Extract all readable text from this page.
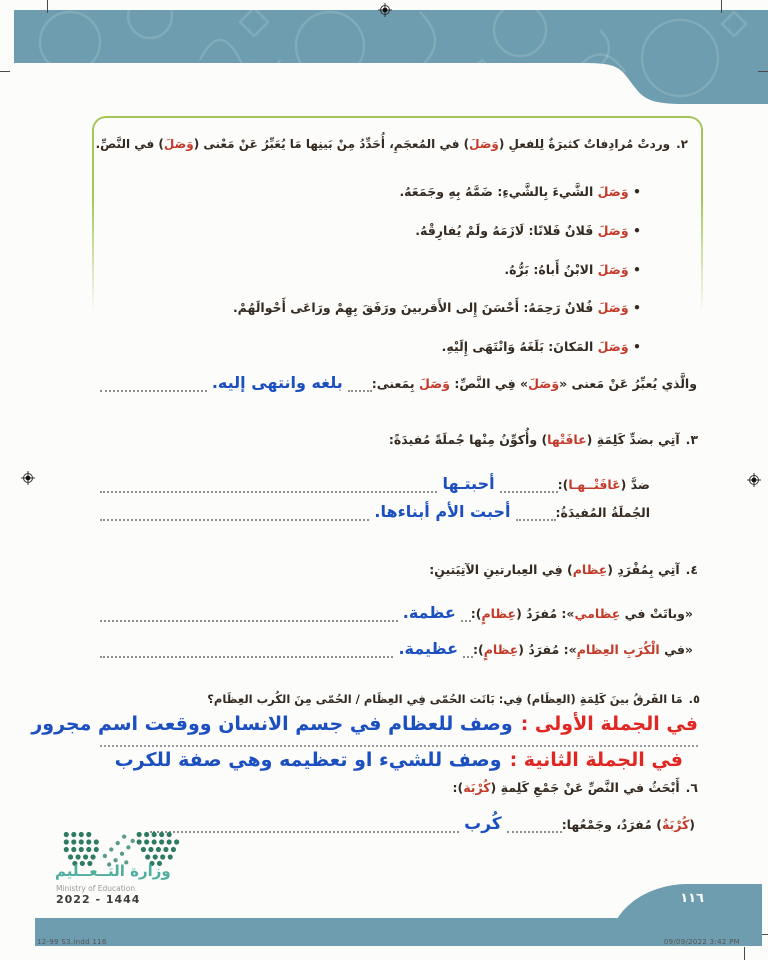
٢.وردتْ مُرادِفاتٌ كثيرَةٌ لِلفعلِ (وَصَلَ) في المُعجَمِ، أُحَدِّدُ مِنْ بَينِها مَا يُعَبِّرُ عَنْ مَعْنى (وَصَلَ) في النَّصِّ.
• وَصَلَ الشَّيءَ بِالشَّيءِ: ضَمَّهُ بِهِ وجَمَعَهُ.
• وَصَلَ فَلانٌ فَلانًا: لَازَمَهُ ولَمْ يُفارِقْهُ.
• وَصَلَ الابْنُ أَباهُ: بَرُّهُ.
• وَصَلَ فُلانٌ رَحِمَهُ: أَحْسَنَ إِلى الأَقربينَ ورَفَقَ بِهِمْ ورَاعَى أَحْوالَهُمْ.
• وَصَلَ المَكانَ: بَلَغَهُ وَانْتَهَى إِلَيْهِ.
والَّذي يُعبِّرُ عَنْ مَعنى «وَصَلَ» فِي النَّصِّ: وَصَلَ بِمَعنى:
بلغه وانتهى إليه.
٣.آتِي بضدِّ كَلِمَةِ (عافَتْها) وأُكوِّنُ مِنْها جُملَةً مُفيدَةً:
ضدَّ (عَافَتْــهـا):
أحبتـها
الجُملَةُ المُفيدَةُ:
أحبت الأم أبناءها.
٤.آتِي بِمُفْرَدِ (عِظام) فِي العِبارتينِ الآتِيَتينِ:
«وباتَتْ في عِظامي»: مُفرَدُ (عِظامٍ):
عظمة.
«في الْكُرَبِ العِظامِ»: مُفرَدُ (عِظامٍ):
عظيمة.
٥.مَا الفَرقُ بينَ كَلِمَةِ (العِظَام) فِي: بَاتَت الحُمّى فِي العِظَام / الحُمّى مِنَ الكُرب العِظَام؟
في الجملة الأولى :وصف للعظام في جسم الانسان ووقعت اسم مجرور
في الجملة الثانية :وصف للشيء او تعظيمه وهي صفة للكرب
٦.أَبْحَثُ في النَّصِّ عَنْ جَمْعِ كَلِمةِ (كُرْبَة):
(كُرْبَةُ) مُفرَدٌ، وجَمْعُها:
كُرب
وزارة التــعــليم
Ministry of Education
2022 - 1444	١١٦
12-99 S3.indd 116	09/09/2022 3:42 PM
